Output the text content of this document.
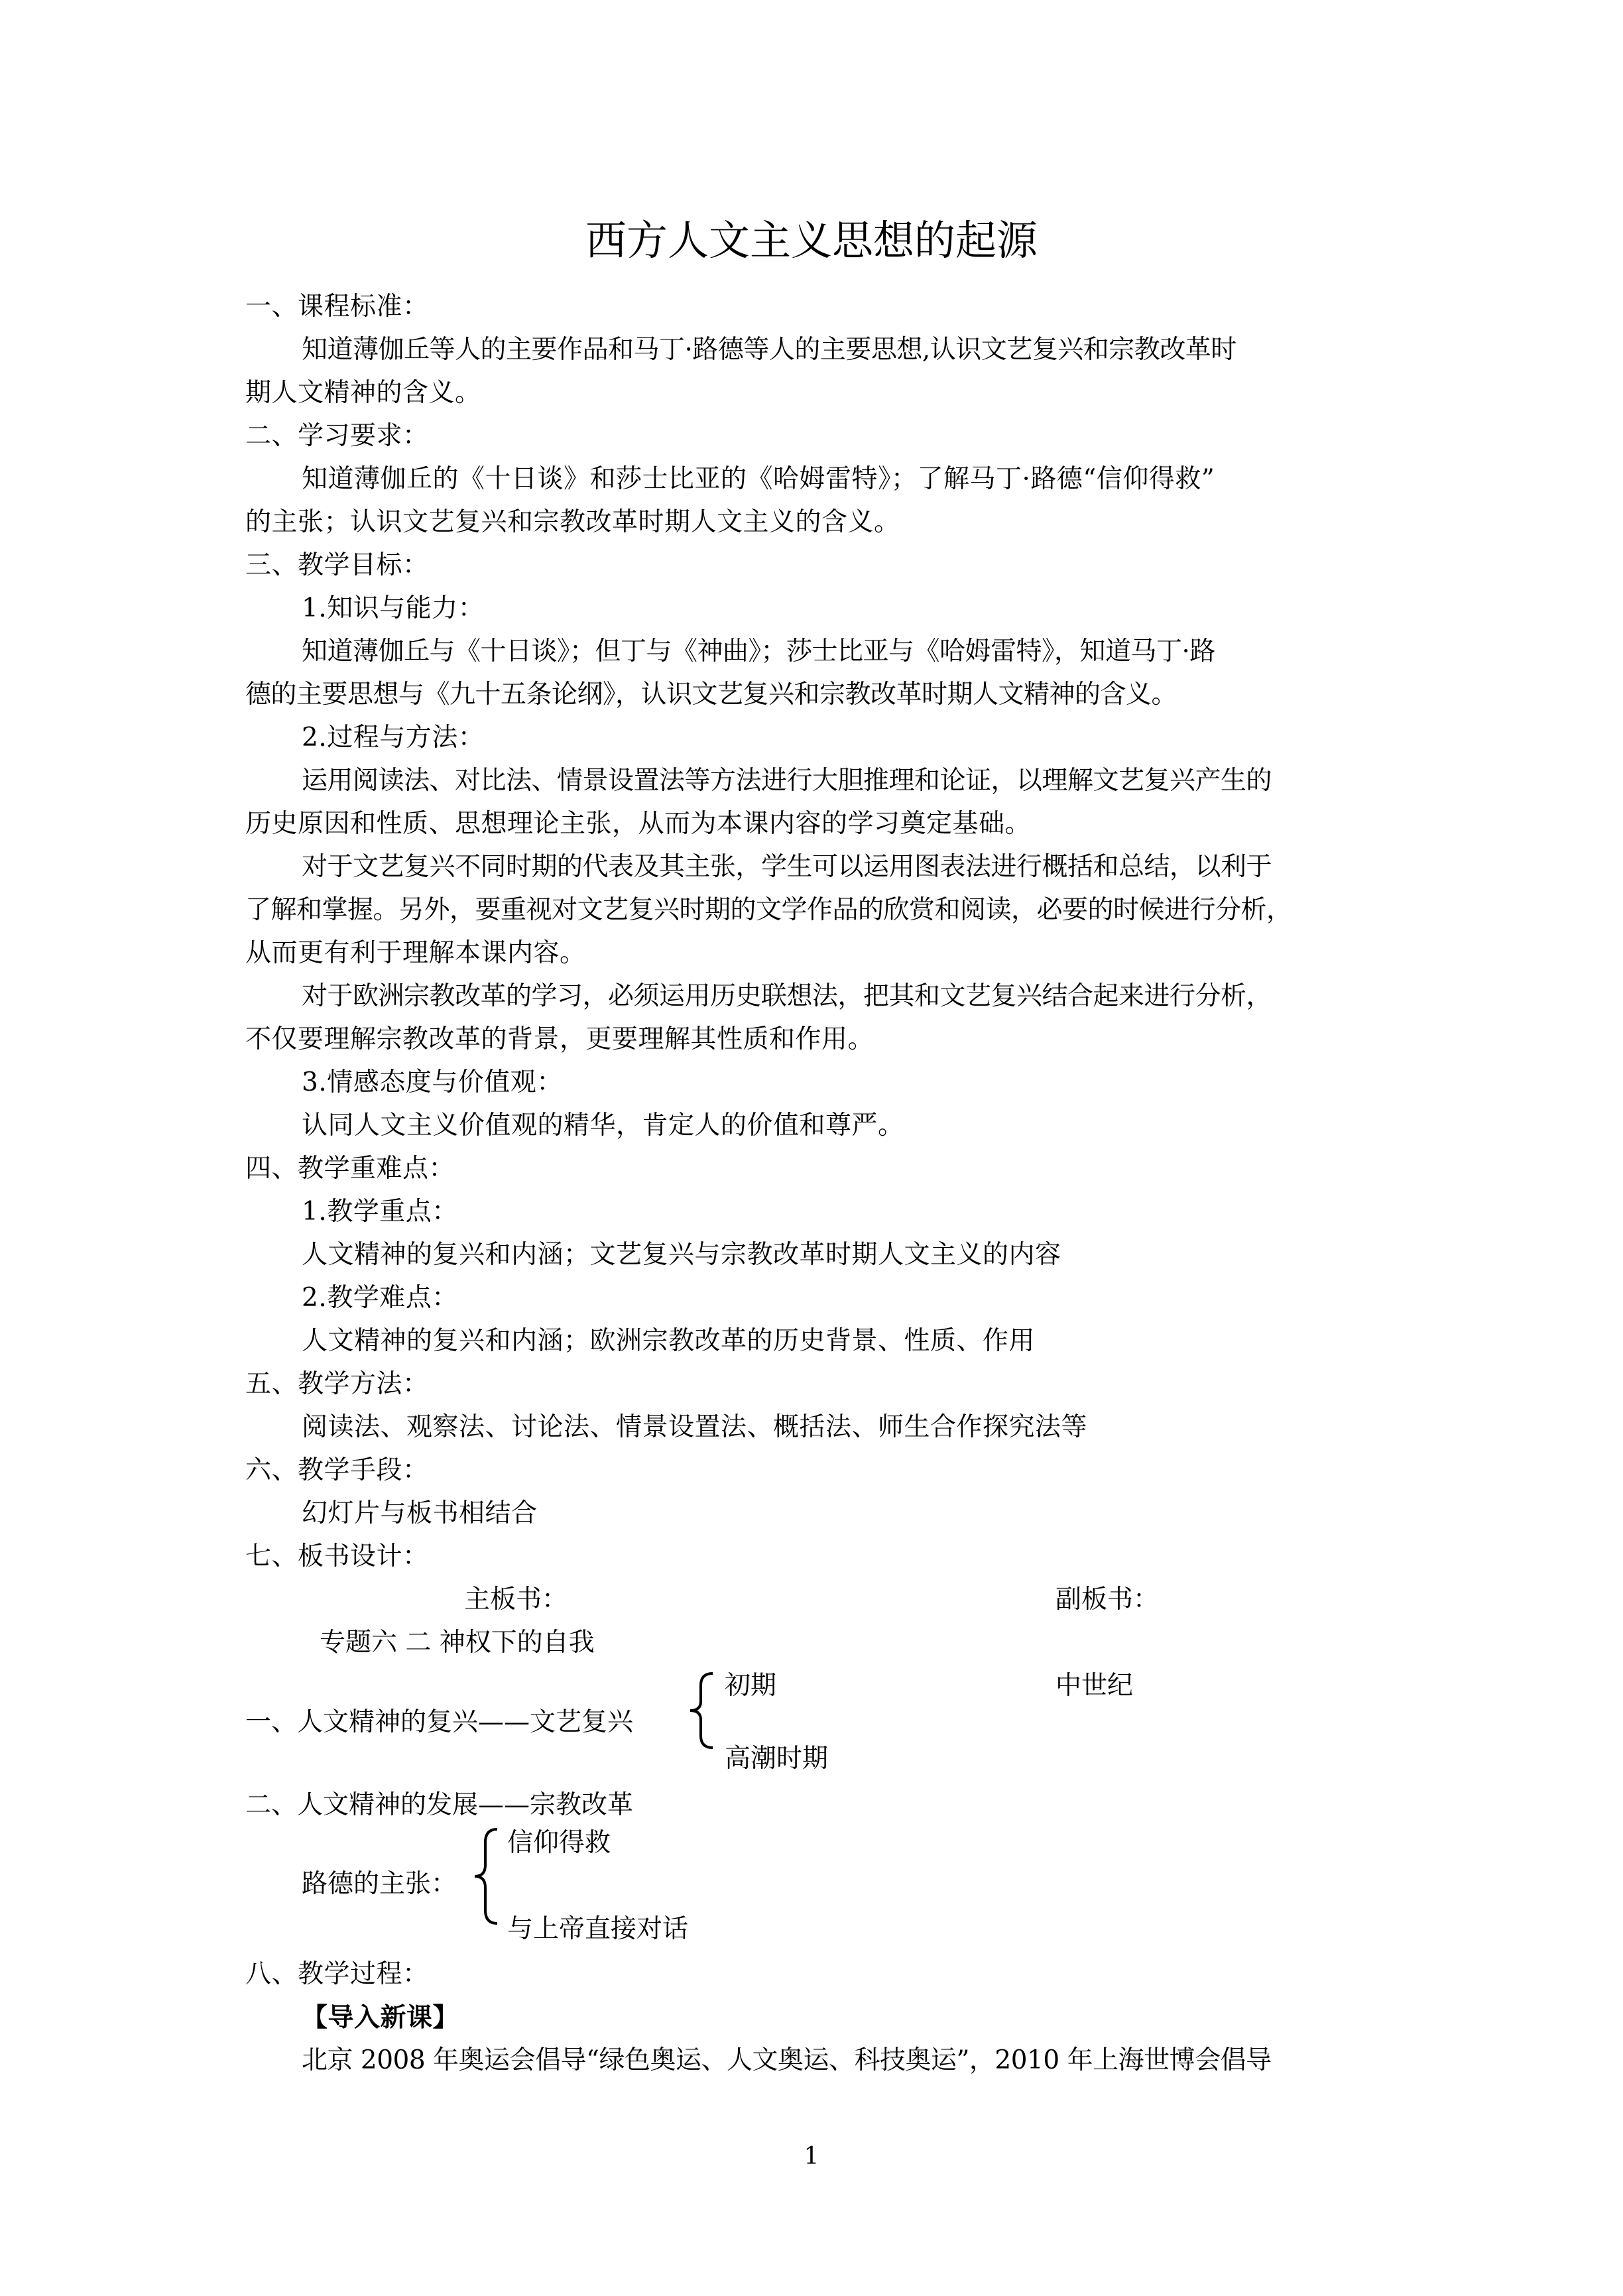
西方人文主义思想的起源
一、课程标准：
知道薄伽丘等人的主要作品和马丁·路德等人的主要思想,认识文艺复兴和宗教改革时
期人文精神的含义。
二、学习要求：
知道薄伽丘的《十日谈》和莎士比亚的《哈姆雷特》；了解马丁·路德“信仰得救”
的主张；认识文艺复兴和宗教改革时期人文主义的含义。
三、教学目标：
1.知识与能力：
知道薄伽丘与《十日谈》；但丁与《神曲》；莎士比亚与《哈姆雷特》，知道马丁·路
德的主要思想与《九十五条论纲》，认识文艺复兴和宗教改革时期人文精神的含义。
2.过程与方法：
运用阅读法、对比法、情景设置法等方法进行大胆推理和论证，以理解文艺复兴产生的
历史原因和性质、思想理论主张，从而为本课内容的学习奠定基础。
对于文艺复兴不同时期的代表及其主张，学生可以运用图表法进行概括和总结，以利于
了解和掌握。另外，要重视对文艺复兴时期的文学作品的欣赏和阅读，必要的时候进行分析，
从而更有利于理解本课内容。
对于欧洲宗教改革的学习，必须运用历史联想法，把其和文艺复兴结合起来进行分析，
不仅要理解宗教改革的背景，更要理解其性质和作用。
3.情感态度与价值观：
认同人文主义价值观的精华，肯定人的价值和尊严。
四、教学重难点：
1.教学重点：
人文精神的复兴和内涵；文艺复兴与宗教改革时期人文主义的内容
2.教学难点：
人文精神的复兴和内涵；欧洲宗教改革的历史背景、性质、作用
五、教学方法：
阅读法、观察法、讨论法、情景设置法、概括法、师生合作探究法等
六、教学手段：
幻灯片与板书相结合
七、板书设计：
主板书：	副板书：
专题六 二 神权下的自我
初期	中世纪
一、人文精神的复兴——文艺复兴
高潮时期
二、人文精神的发展——宗教改革
信仰得救
路德的主张：
与上帝直接对话
八、教学过程：
【导入新课】
北京 2008 年奥运会倡导“绿色奥运、人文奥运、科技奥运”，2010 年上海世博会倡导
1
